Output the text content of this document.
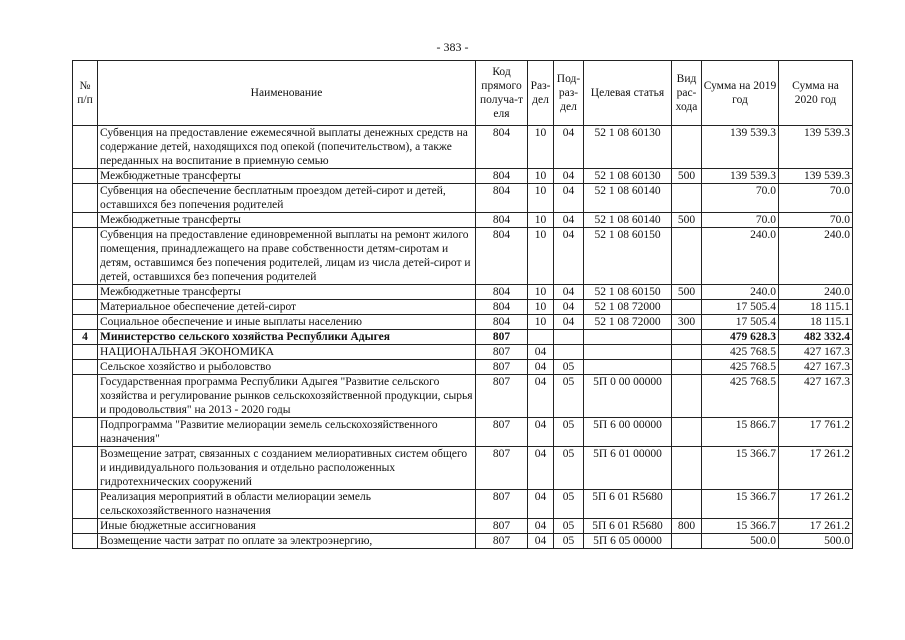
- 383 -
№ п/п	Наименование	Код прямого получа-т еля	Раз- дел	Под- раз- дел	Целевая статья	Вид рас- хода	Сумма на 2019 год	Сумма на 2020 год
	Субвенция на предоставление ежемесячной выплаты денежных средств на содержание детей, находящихся под опекой (попечительством), а также переданных на воспитание в приемную семью	804	10	04	52 1 08 60130		139 539.3	139 539.3
	Межбюджетные трансферты	804	10	04	52 1 08 60130	500	139 539.3	139 539.3
	Субвенция на обеспечение бесплатным проездом детей-сирот и детей, оставшихся без попечения родителей	804	10	04	52 1 08 60140		70.0	70.0
	Межбюджетные трансферты	804	10	04	52 1 08 60140	500	70.0	70.0
	Субвенция на предоставление единовременной выплаты на ремонт жилого помещения, принадлежащего на праве собственности детям-сиротам и детям, оставшимся без попечения родителей, лицам из числа детей-сирот и детей, оставшихся без попечения родителей	804	10	04	52 1 08 60150		240.0	240.0
	Межбюджетные трансферты	804	10	04	52 1 08 60150	500	240.0	240.0
	Материальное обеспечение детей-сирот	804	10	04	52 1 08 72000		17 505.4	18 115.1
	Социальное обеспечение и иные выплаты населению	804	10	04	52 1 08 72000	300	17 505.4	18 115.1
4	Министерство сельского хозяйства Республики Адыгея	807					479 628.3	482 332.4
	НАЦИОНАЛЬНАЯ ЭКОНОМИКА	807	04				425 768.5	427 167.3
	Сельское хозяйство и рыболовство	807	04	05			425 768.5	427 167.3
	Государственная программа Республики Адыгея "Развитие сельского хозяйства и регулирование рынков сельскохозяйственной продукции, сырья и продовольствия" на 2013 - 2020 годы	807	04	05	5П 0 00 00000		425 768.5	427 167.3
	Подпрограмма "Развитие мелиорации земель сельскохозяйственного назначения"	807	04	05	5П 6 00 00000		15 866.7	17 761.2
	Возмещение затрат, связанных с созданием мелиоративных систем общего и индивидуального пользования и отдельно расположенных гидротехнических сооружений	807	04	05	5П 6 01 00000		15 366.7	17 261.2
	Реализация мероприятий в области мелиорации земель сельскохозяйственного назначения	807	04	05	5П 6 01 R5680		15 366.7	17 261.2
	Иные бюджетные ассигнования	807	04	05	5П 6 01 R5680	800	15 366.7	17 261.2
	Возмещение части затрат по оплате за электроэнергию,	807	04	05	5П 6 05 00000		500.0	500.0
